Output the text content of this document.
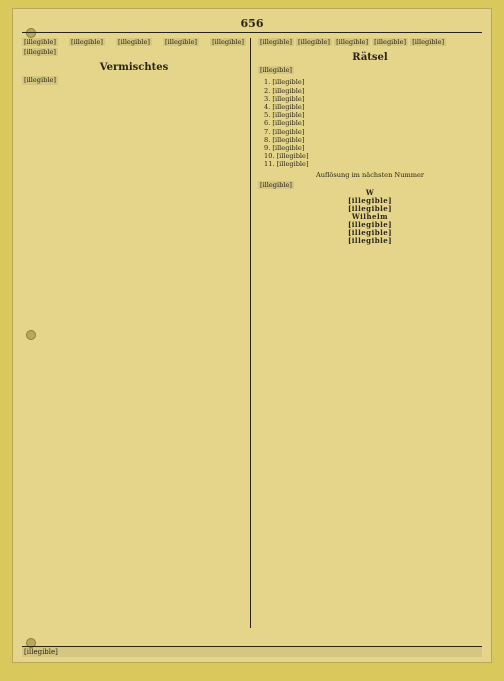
656

[illegible]

[illegible]

[illegible]

[illegible]

[illegible]

[illegible]

Vermischtes

[illegible]

[illegible]

[illegible]

[illegible]

[illegible]

[illegible]

Rätsel

[illegible]

1. [illegible]
2. [illegible]
3. [illegible]
4. [illegible]
5. [illegible]
6. [illegible]
7. [illegible]
8. [illegible]
9. [illegible]
10. [illegible]
11. [illegible]
Auflösung im nächsten Nummer
[illegible]
W
[illegible]
[illegible]
Wilhelm
[illegible]
[illegible]
[illegible]
[illegible]
